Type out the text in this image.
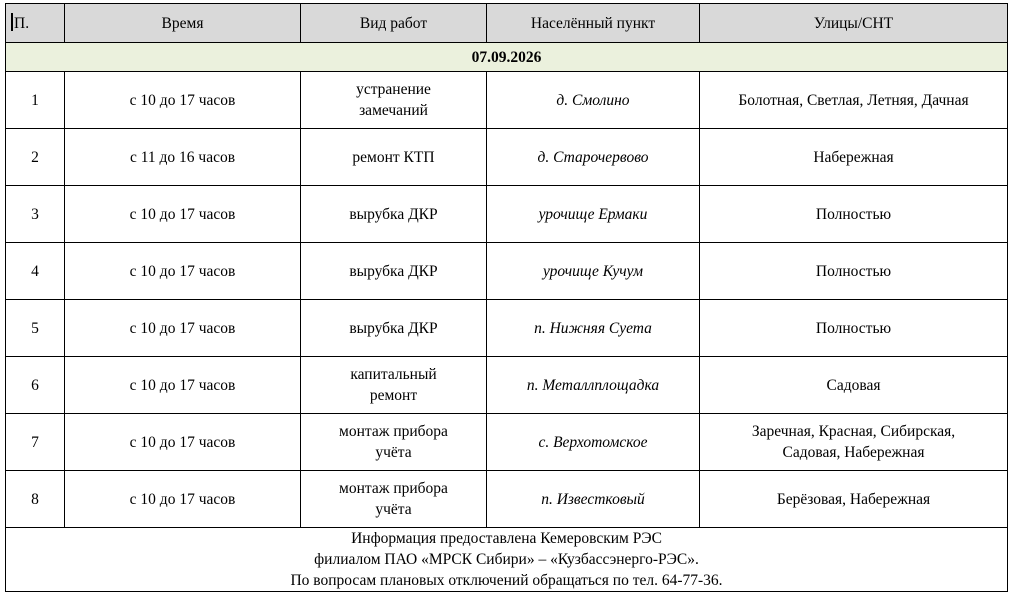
П.	Время	Вид работ	Населённый пункт	Улицы/СНТ
07.09.2026				
1	с 10 до 17 часов	устранение замечаний	д. Смолино	Болотная, Светлая, Летняя, Дачная
2	с 11 до 16 часов	ремонт КТП	д. Старочервово	Набережная
3	с 10 до 17 часов	вырубка ДКР	урочище Ермаки	Полностью
4	с 10 до 17 часов	вырубка ДКР	урочище Кучум	Полностью
5	с 10 до 17 часов	вырубка ДКР	п. Нижняя Суета	Полностью
6	с 10 до 17 часов	капитальный ремонт	п. Металлплощадка	Садовая
7	с 10 до 17 часов	монтаж прибора учёта	с. Верхотомское	Заречная, Красная, Сибирская, Садовая, Набережная
8	с 10 до 17 часов	монтаж прибора учёта	п. Известковый	Берёзовая, Набережная

Информация предоставлена Кемеровским РЭС
филиалом ПАО «МРСК Сибири» – «Кузбассэнерго-РЭС».
По вопросам плановых отключений обращаться по тел. 64-77-36.				
